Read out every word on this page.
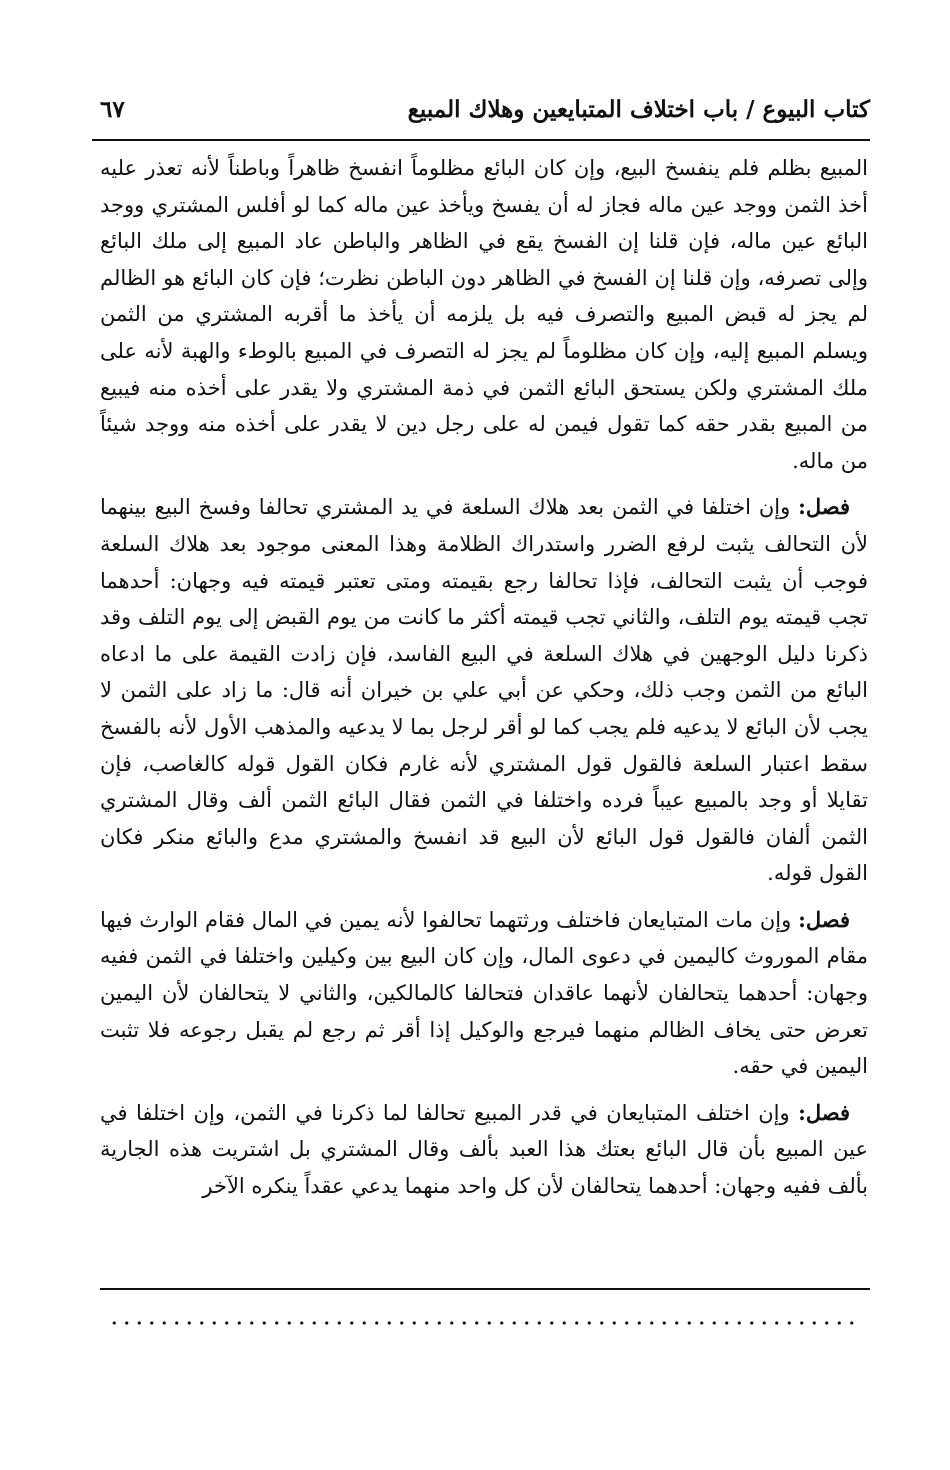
كتاب البيوع / باب اختلاف المتبايعين وهلاك المبيع
٦٧

المبيع بظلم فلم ينفسخ البيع، وإن كان البائع مظلوماً انفسخ ظاهراً وباطناً لأنه تعذر عليه أخذ الثمن ووجد عين ماله فجاز له أن يفسخ ويأخذ عين ماله كما لو أفلس المشتري ووجد البائع عين ماله، فإن قلنا إن الفسخ يقع في الظاهر والباطن عاد المبيع إلى ملك البائع وإلى تصرفه، وإن قلنا إن الفسخ في الظاهر دون الباطن نظرت؛ فإن كان البائع هو الظالم لم يجز له قبض المبيع والتصرف فيه بل يلزمه أن يأخذ ما أقربه المشتري من الثمن ويسلم المبيع إليه، وإن كان مظلوماً لم يجز له التصرف في المبيع بالوطء والهبة لأنه على ملك المشتري ولكن يستحق البائع الثمن في ذمة المشتري ولا يقدر على أخذه منه فيبيع من المبيع بقدر حقه كما تقول فيمن له على رجل دين لا يقدر على أخذه منه ووجد شيئاً من ماله.

فصل: وإن اختلفا في الثمن بعد هلاك السلعة في يد المشتري تحالفا وفسخ البيع بينهما لأن التحالف يثبت لرفع الضرر واستدراك الظلامة وهذا المعنى موجود بعد هلاك السلعة فوجب أن يثبت التحالف، فإذا تحالفا رجع بقيمته ومتى تعتبر قيمته فيه وجهان: أحدهما تجب قيمته يوم التلف، والثاني تجب قيمته أكثر ما كانت من يوم القبض إلى يوم التلف وقد ذكرنا دليل الوجهين في هلاك السلعة في البيع الفاسد، فإن زادت القيمة على ما ادعاه البائع من الثمن وجب ذلك، وحكي عن أبي علي بن خيران أنه قال: ما زاد على الثمن لا يجب لأن البائع لا يدعيه فلم يجب كما لو أقر لرجل بما لا يدعيه والمذهب الأول لأنه بالفسخ سقط اعتبار السلعة فالقول قول المشتري لأنه غارم فكان القول قوله كالغاصب، فإن تقايلا أو وجد بالمبيع عيباً فرده واختلفا في الثمن فقال البائع الثمن ألف وقال المشتري الثمن ألفان فالقول قول البائع لأن البيع قد انفسخ والمشتري مدع والبائع منكر فكان القول قوله.

فصل: وإن مات المتبايعان فاختلف ورثتهما تحالفوا لأنه يمين في المال فقام الوارث فيها مقام الموروث كاليمين في دعوى المال، وإن كان البيع بين وكيلين واختلفا في الثمن ففيه وجهان: أحدهما يتحالفان لأنهما عاقدان فتحالفا كالمالكين، والثاني لا يتحالفان لأن اليمين تعرض حتى يخاف الظالم منهما فيرجع والوكيل إذا أقر ثم رجع لم يقبل رجوعه فلا تثبت اليمين في حقه.

فصل: وإن اختلف المتبايعان في قدر المبيع تحالفا لما ذكرنا في الثمن، وإن اختلفا في عين المبيع بأن قال البائع بعتك هذا العبد بألف وقال المشتري بل اشتريت هذه الجارية بألف ففيه وجهان: أحدهما يتحالفان لأن كل واحد منهما يدعي عقداً ينكره الآخر
